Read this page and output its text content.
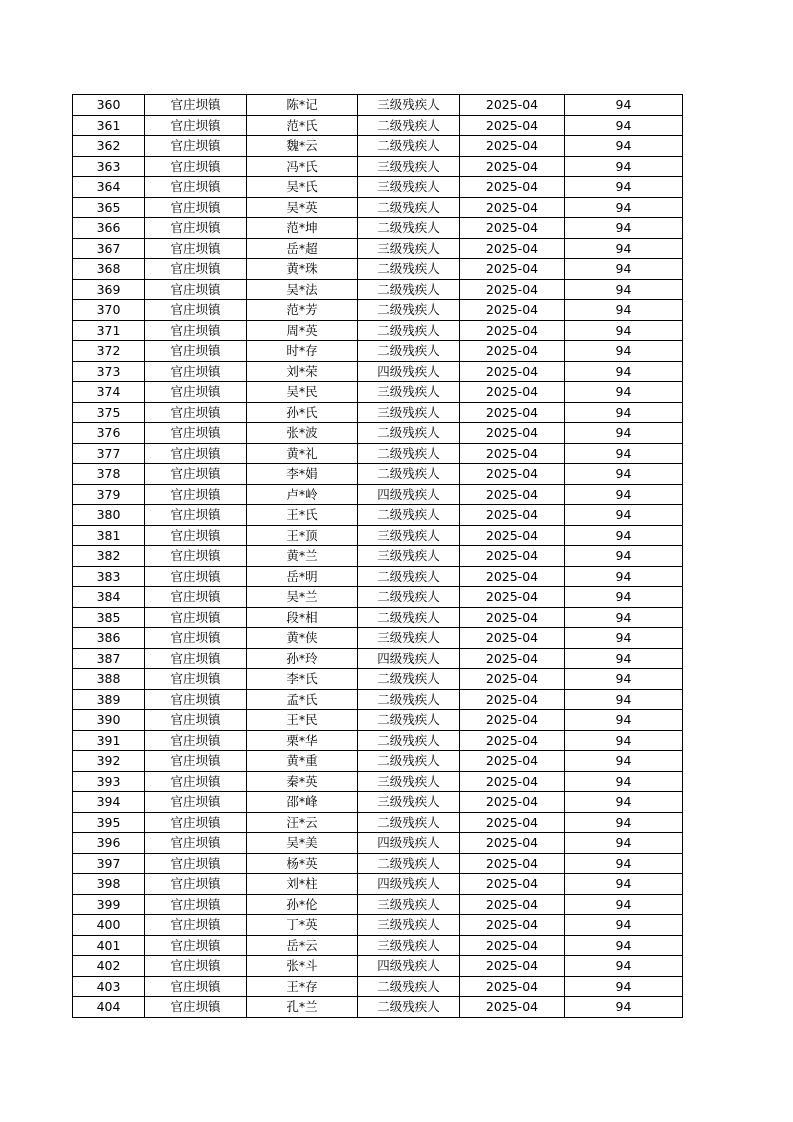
360	官庄坝镇	陈*记	三级残疾人	2025-04	94
361	官庄坝镇	范*氏	二级残疾人	2025-04	94
362	官庄坝镇	魏*云	二级残疾人	2025-04	94
363	官庄坝镇	冯*氏	三级残疾人	2025-04	94
364	官庄坝镇	吴*氏	三级残疾人	2025-04	94
365	官庄坝镇	吴*英	二级残疾人	2025-04	94
366	官庄坝镇	范*坤	二级残疾人	2025-04	94
367	官庄坝镇	岳*超	三级残疾人	2025-04	94
368	官庄坝镇	黄*珠	二级残疾人	2025-04	94
369	官庄坝镇	吴*法	二级残疾人	2025-04	94
370	官庄坝镇	范*芳	二级残疾人	2025-04	94
371	官庄坝镇	周*英	二级残疾人	2025-04	94
372	官庄坝镇	时*存	二级残疾人	2025-04	94
373	官庄坝镇	刘*荣	四级残疾人	2025-04	94
374	官庄坝镇	吴*民	三级残疾人	2025-04	94
375	官庄坝镇	孙*氏	三级残疾人	2025-04	94
376	官庄坝镇	张*波	二级残疾人	2025-04	94
377	官庄坝镇	黄*礼	二级残疾人	2025-04	94
378	官庄坝镇	李*娟	二级残疾人	2025-04	94
379	官庄坝镇	卢*岭	四级残疾人	2025-04	94
380	官庄坝镇	王*氏	二级残疾人	2025-04	94
381	官庄坝镇	王*顶	三级残疾人	2025-04	94
382	官庄坝镇	黄*兰	三级残疾人	2025-04	94
383	官庄坝镇	岳*明	二级残疾人	2025-04	94
384	官庄坝镇	吴*兰	二级残疾人	2025-04	94
385	官庄坝镇	段*相	二级残疾人	2025-04	94
386	官庄坝镇	黄*侠	三级残疾人	2025-04	94
387	官庄坝镇	孙*玲	四级残疾人	2025-04	94
388	官庄坝镇	李*氏	二级残疾人	2025-04	94
389	官庄坝镇	孟*氏	二级残疾人	2025-04	94
390	官庄坝镇	王*民	二级残疾人	2025-04	94
391	官庄坝镇	栗*华	二级残疾人	2025-04	94
392	官庄坝镇	黄*重	二级残疾人	2025-04	94
393	官庄坝镇	秦*英	三级残疾人	2025-04	94
394	官庄坝镇	邵*峰	三级残疾人	2025-04	94
395	官庄坝镇	汪*云	二级残疾人	2025-04	94
396	官庄坝镇	吴*美	四级残疾人	2025-04	94
397	官庄坝镇	杨*英	二级残疾人	2025-04	94
398	官庄坝镇	刘*柱	四级残疾人	2025-04	94
399	官庄坝镇	孙*伦	三级残疾人	2025-04	94
400	官庄坝镇	丁*英	三级残疾人	2025-04	94
401	官庄坝镇	岳*云	三级残疾人	2025-04	94
402	官庄坝镇	张*斗	四级残疾人	2025-04	94
403	官庄坝镇	王*存	二级残疾人	2025-04	94
404	官庄坝镇	孔*兰	二级残疾人	2025-04	94
